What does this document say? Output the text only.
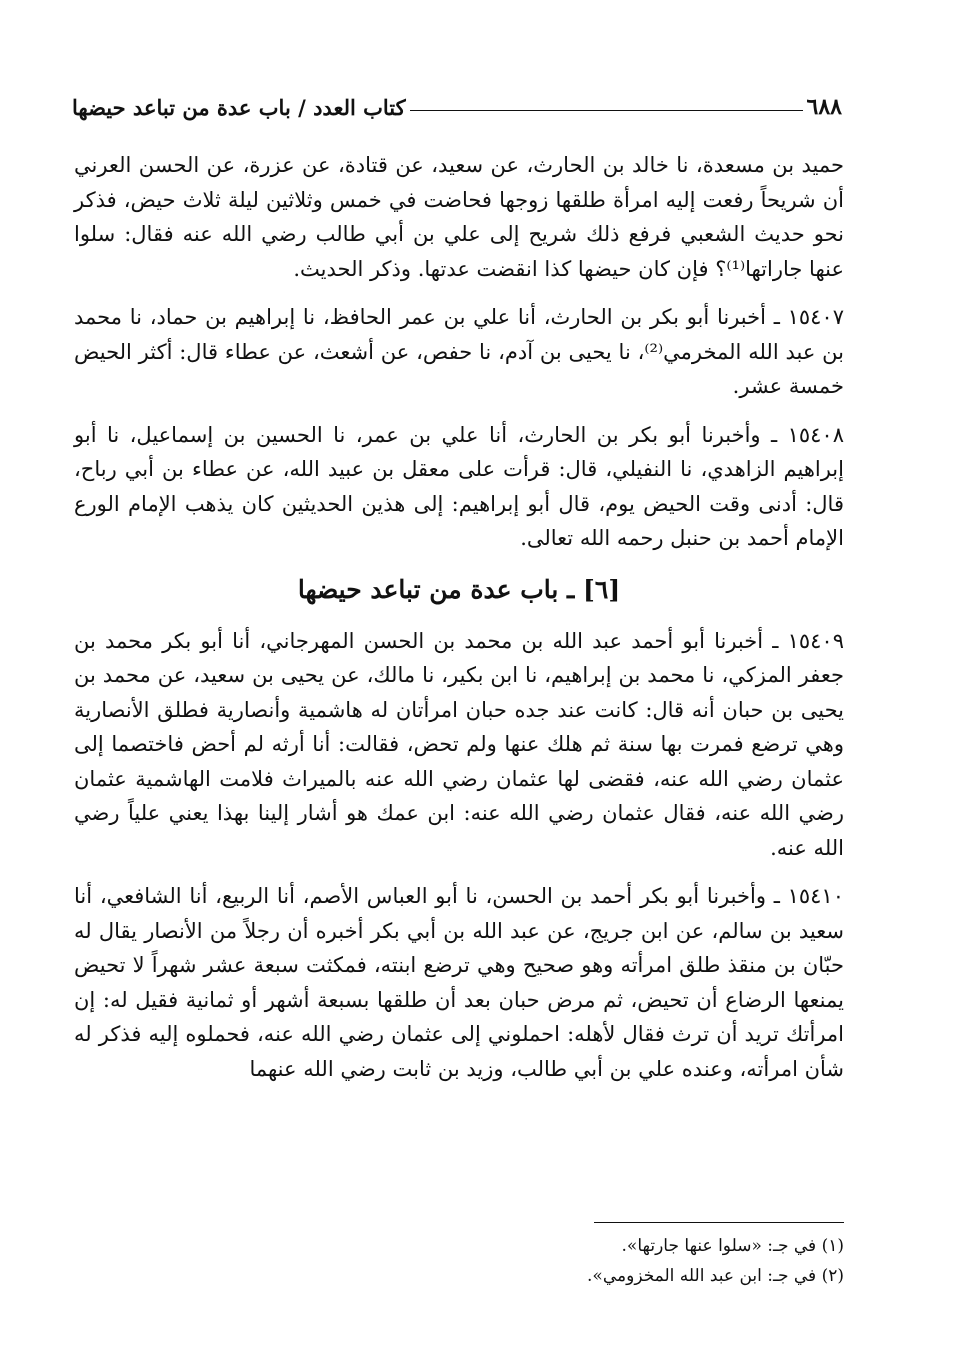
٦٨٨
كتاب العدد / باب عدة من تباعد حيضها

حميد بن مسعدة، نا خالد بن الحارث، عن سعيد، عن قتادة، عن عزرة، عن الحسن العرني أن شريحاً رفعت إليه امرأة طلقها زوجها فحاضت في خمس وثلاثين ليلة ثلاث حيض، فذكر نحو حديث الشعبي فرفع ذلك شريح إلى علي بن أبي طالب رضي الله عنه فقال: سلوا عنها جاراتها⁽¹⁾؟ فإن كان حيضها كذا انقضت عدتها. وذكر الحديث.

١٥٤٠٧ ـ أخبرنا أبو بكر بن الحارث، أنا علي بن عمر الحافظ، نا إبراهيم بن حماد، نا محمد بن عبد الله المخرمي⁽²⁾، نا يحيى بن آدم، نا حفص، عن أشعث، عن عطاء قال: أكثر الحيض خمسة عشر.

١٥٤٠٨ ـ وأخبرنا أبو بكر بن الحارث، أنا علي بن عمر، نا الحسين بن إسماعيل، نا أبو إبراهيم الزاهدي، نا النفيلي، قال: قرأت على معقل بن عبيد الله، عن عطاء بن أبي رباح، قال: أدنى وقت الحيض يوم، قال أبو إبراهيم: إلى هذين الحديثين كان يذهب الإمام الورع الإمام أحمد بن حنبل رحمه الله تعالى.

[٦] ـ باب عدة من تباعد حيضها

١٥٤٠٩ ـ أخبرنا أبو أحمد عبد الله بن محمد بن الحسن المهرجاني، أنا أبو بكر محمد بن جعفر المزكي، نا محمد بن إبراهيم، نا ابن بكير، نا مالك، عن يحيى بن سعيد، عن محمد بن يحيى بن حبان أنه قال: كانت عند جده حبان امرأتان له هاشمية وأنصارية فطلق الأنصارية وهي ترضع فمرت بها سنة ثم هلك عنها ولم تحض، فقالت: أنا أرثه لم أحض فاختصما إلى عثمان رضي الله عنه، فقضى لها عثمان رضي الله عنه بالميراث فلامت الهاشمية عثمان رضي الله عنه، فقال عثمان رضي الله عنه: ابن عمك هو أشار إلينا بهذا يعني علياً رضي الله عنه.

١٥٤١٠ ـ وأخبرنا أبو بكر أحمد بن الحسن، نا أبو العباس الأصم، أنا الربيع، أنا الشافعي، أنا سعيد بن سالم، عن ابن جريج، عن عبد الله بن أبي بكر أخبره أن رجلاً من الأنصار يقال له حبّان بن منقذ طلق امرأته وهو صحيح وهي ترضع ابنته، فمكثت سبعة عشر شهراً لا تحيض يمنعها الرضاع أن تحيض، ثم مرض حبان بعد أن طلقها بسبعة أشهر أو ثمانية فقيل له: إن امرأتك تريد أن ترث فقال لأهله: احملوني إلى عثمان رضي الله عنه، فحملوه إليه فذكر له شأن امرأته، وعنده علي بن أبي طالب، وزيد بن ثابت رضي الله عنهما

(١) في جـ: «سلوا عنها جارتها».
(٢) في جـ: ابن عبد الله المخزومي».
